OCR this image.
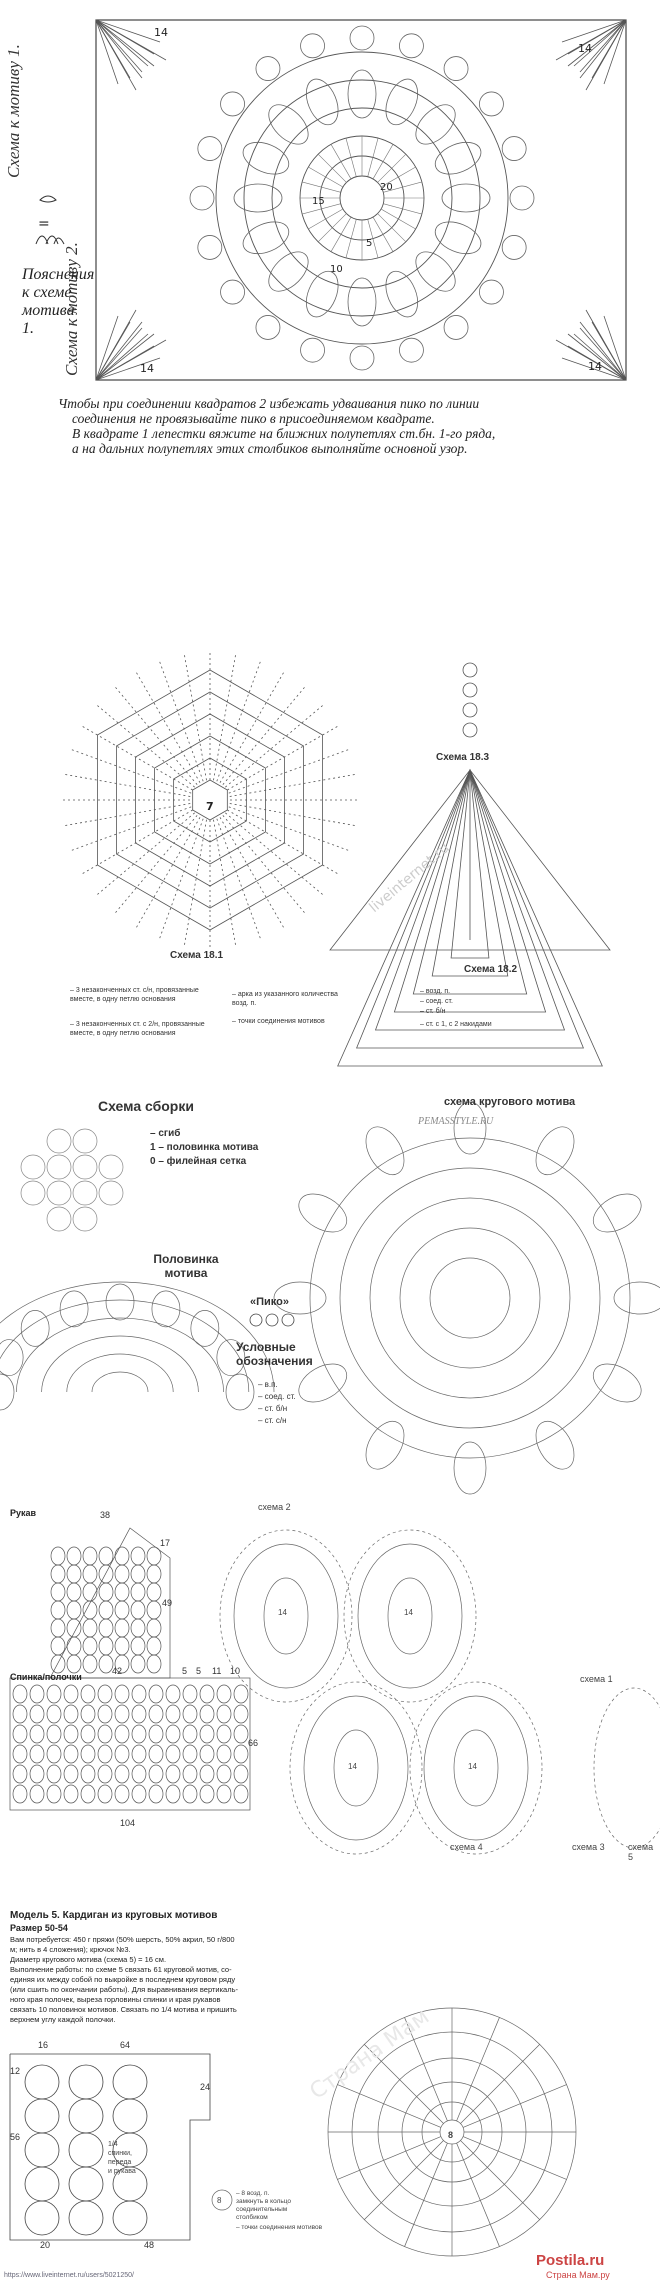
Схема к мотиву 1.
Схема к мотиву 2.
=
Пояснения к схеме мотива 1.
Чтобы при соединении квадратов 2 избежать удваивания пико по линии
соединения не провязывайте пико в присоединяемом квадрате.
В квадрате 1 лепестки вяжите на ближних полупетлях ст.бн. 1-го ряда,
а на дальних полупетлях этих столбиков выполняйте основной узор.
14
14
14	14
5
10
15
20
7
Схема 18.1
Схема 18.2
Схема 18.3
liveinternet.ru
– 3 незаконченных ст. с/н, провязанные вместе, в одну петлю основания
– 3 незаконченных ст. с 2/н, провязанные вместе, в одну петлю основания
– арка из указанного количества возд. п.
– точки соединения мотивов
– возд. п.
– соед. ст.
– ст. б/н
– ст. с 1, с 2 накидами
Схема сборки
– сгиб
1 – половинка мотива
0 – филейная сетка
Половинка мотива
схема кругового мотива
PEMASSTYLE.RU
«Пико»
Условные обозначения
– в.п.
– соед. ст.
– ст. б/н
– ст. с/н
Рукав	38
17
49
Спинка/полочки
42	5 5 11 10
66
104
схема 2
схема 1
схема 4	схема 5
схема 3
14	14
14	14
Модель 5. Кардиган из круговых мотивов
Размер 50-54
Вам потребуется: 450 г пряжи (50% шерсть, 50% акрил, 50 г/800
м; нить в 4 сложения); крючок №3.
Диаметр кругового мотива (схема 5) = 16 см.
Выполнение работы: по схеме 5 связать 61 круговой мотив, со-
единяя их между собой по выкройке в последнем круговом ряду
(или сшить по окончании работы). Для выравнивания вертикаль-
ного края полочек, выреза горловины спинки и края рукавов
связать 10 половинок мотивов. Связать по 1/4 мотива и пришить
верхнем углу каждой полочки.
16	64
12
24
56
20	48
1/4
спинки,
переда
и рукава
8
8
– 8 возд. п.
замкнуть в кольцо
соединительным
столбиком
– точки соединения мотивов
Страна Мам
https://www.liveinternet.ru/users/5021250/
Postila.ru
Страна Мам.ру
